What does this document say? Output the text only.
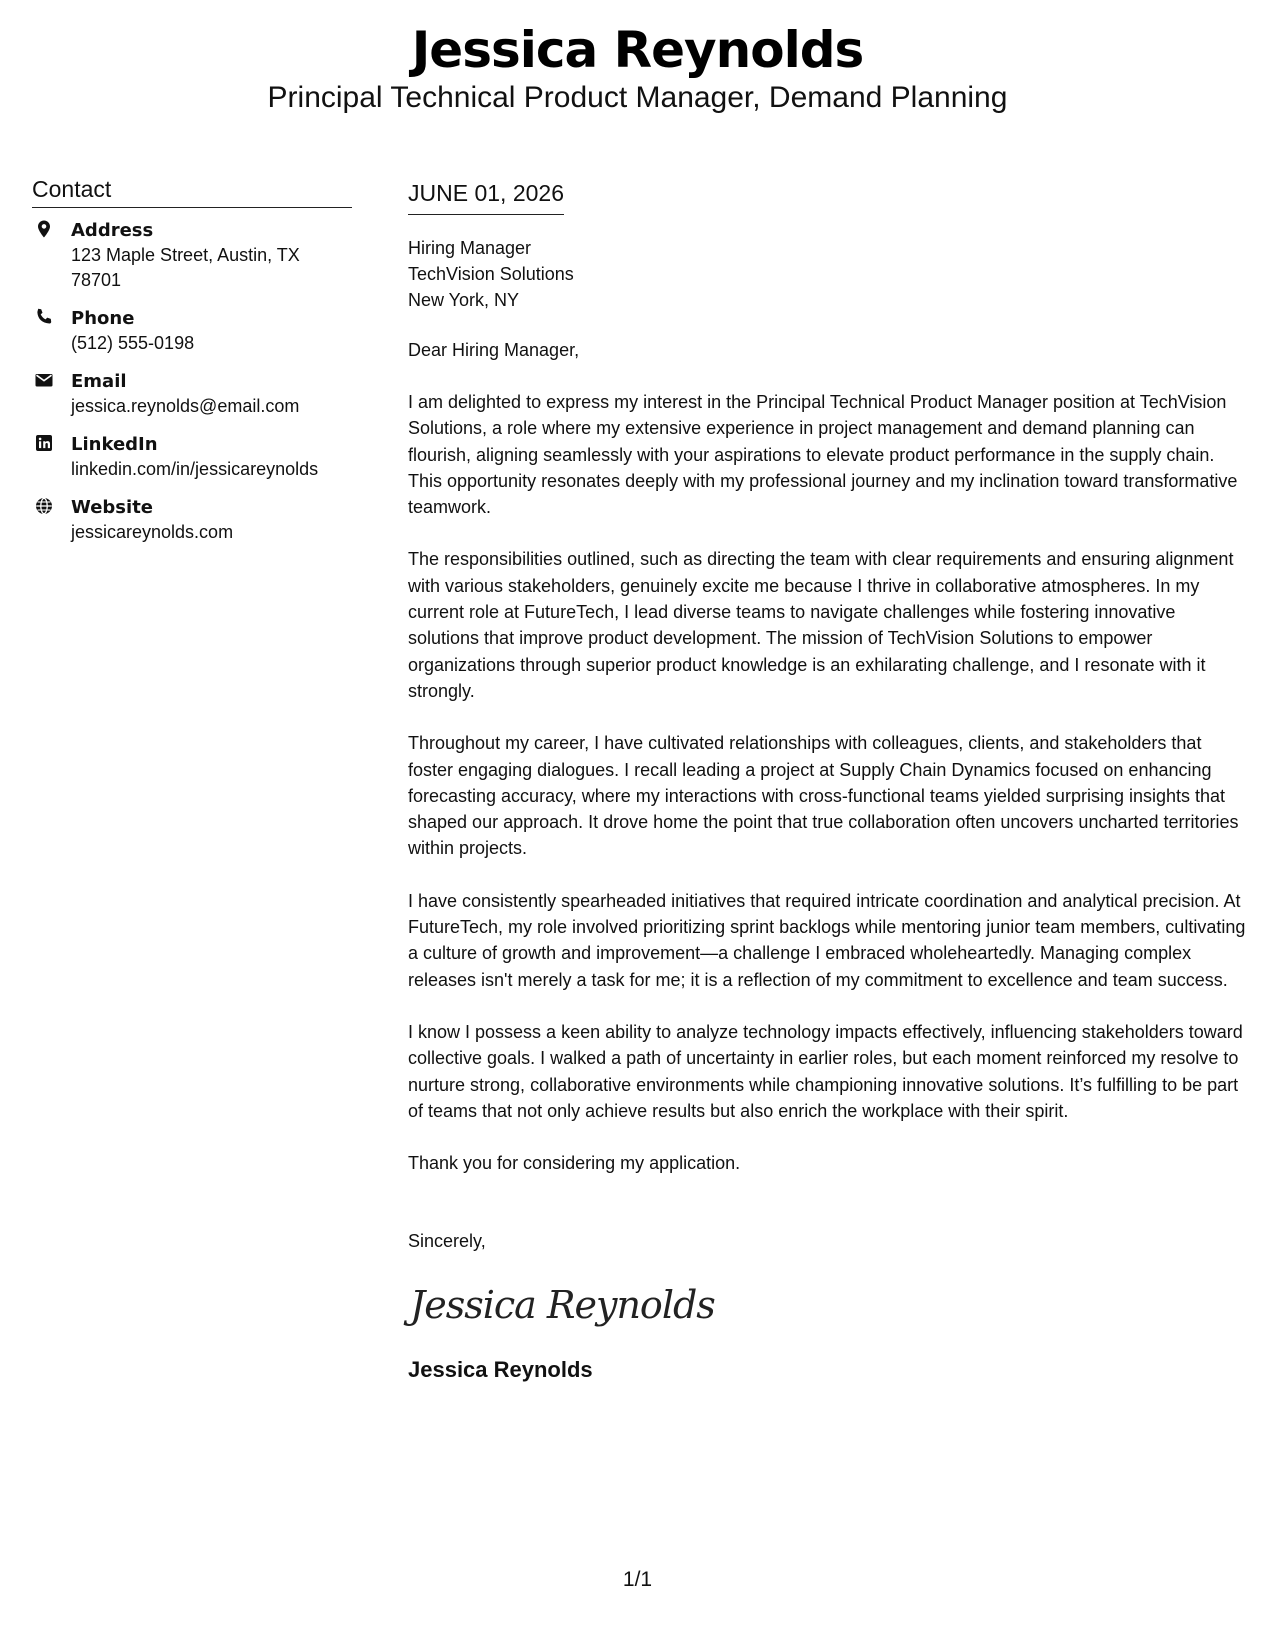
Jessica Reynolds
Principal Technical Product Manager, Demand Planning
Contact
Address
123 Maple Street, Austin, TX 78701
Phone
(512) 555-0198
Email
jessica.reynolds@email.com
LinkedIn
linkedin.com/in/jessicareynolds
Website
jessicareynolds.com
JUNE 01, 2026
Hiring Manager
TechVision Solutions
New York, NY
Dear Hiring Manager,
I am delighted to express my interest in the Principal Technical Product Manager position at TechVision Solutions, a role where my extensive experience in project management and demand planning can flourish, aligning seamlessly with your aspirations to elevate product performance in the supply chain. This opportunity resonates deeply with my professional journey and my inclination toward transformative teamwork.
The responsibilities outlined, such as directing the team with clear requirements and ensuring alignment with various stakeholders, genuinely excite me because I thrive in collaborative atmospheres. In my current role at FutureTech, I lead diverse teams to navigate challenges while fostering innovative solutions that improve product development. The mission of TechVision Solutions to empower organizations through superior product knowledge is an exhilarating challenge, and I resonate with it strongly.
Throughout my career, I have cultivated relationships with colleagues, clients, and stakeholders that foster engaging dialogues. I recall leading a project at Supply Chain Dynamics focused on enhancing forecasting accuracy, where my interactions with cross-functional teams yielded surprising insights that shaped our approach. It drove home the point that true collaboration often uncovers uncharted territories within projects.
I have consistently spearheaded initiatives that required intricate coordination and analytical precision. At FutureTech, my role involved prioritizing sprint backlogs while mentoring junior team members, cultivating a culture of growth and improvement—a challenge I embraced wholeheartedly. Managing complex releases isn't merely a task for me; it is a reflection of my commitment to excellence and team success.
I know I possess a keen ability to analyze technology impacts effectively, influencing stakeholders toward collective goals. I walked a path of uncertainty in earlier roles, but each moment reinforced my resolve to nurture strong, collaborative environments while championing innovative solutions. It’s fulfilling to be part of teams that not only achieve results but also enrich the workplace with their spirit.
Thank you for considering my application.
Sincerely,
Jessica Reynolds
Jessica Reynolds
1/1
